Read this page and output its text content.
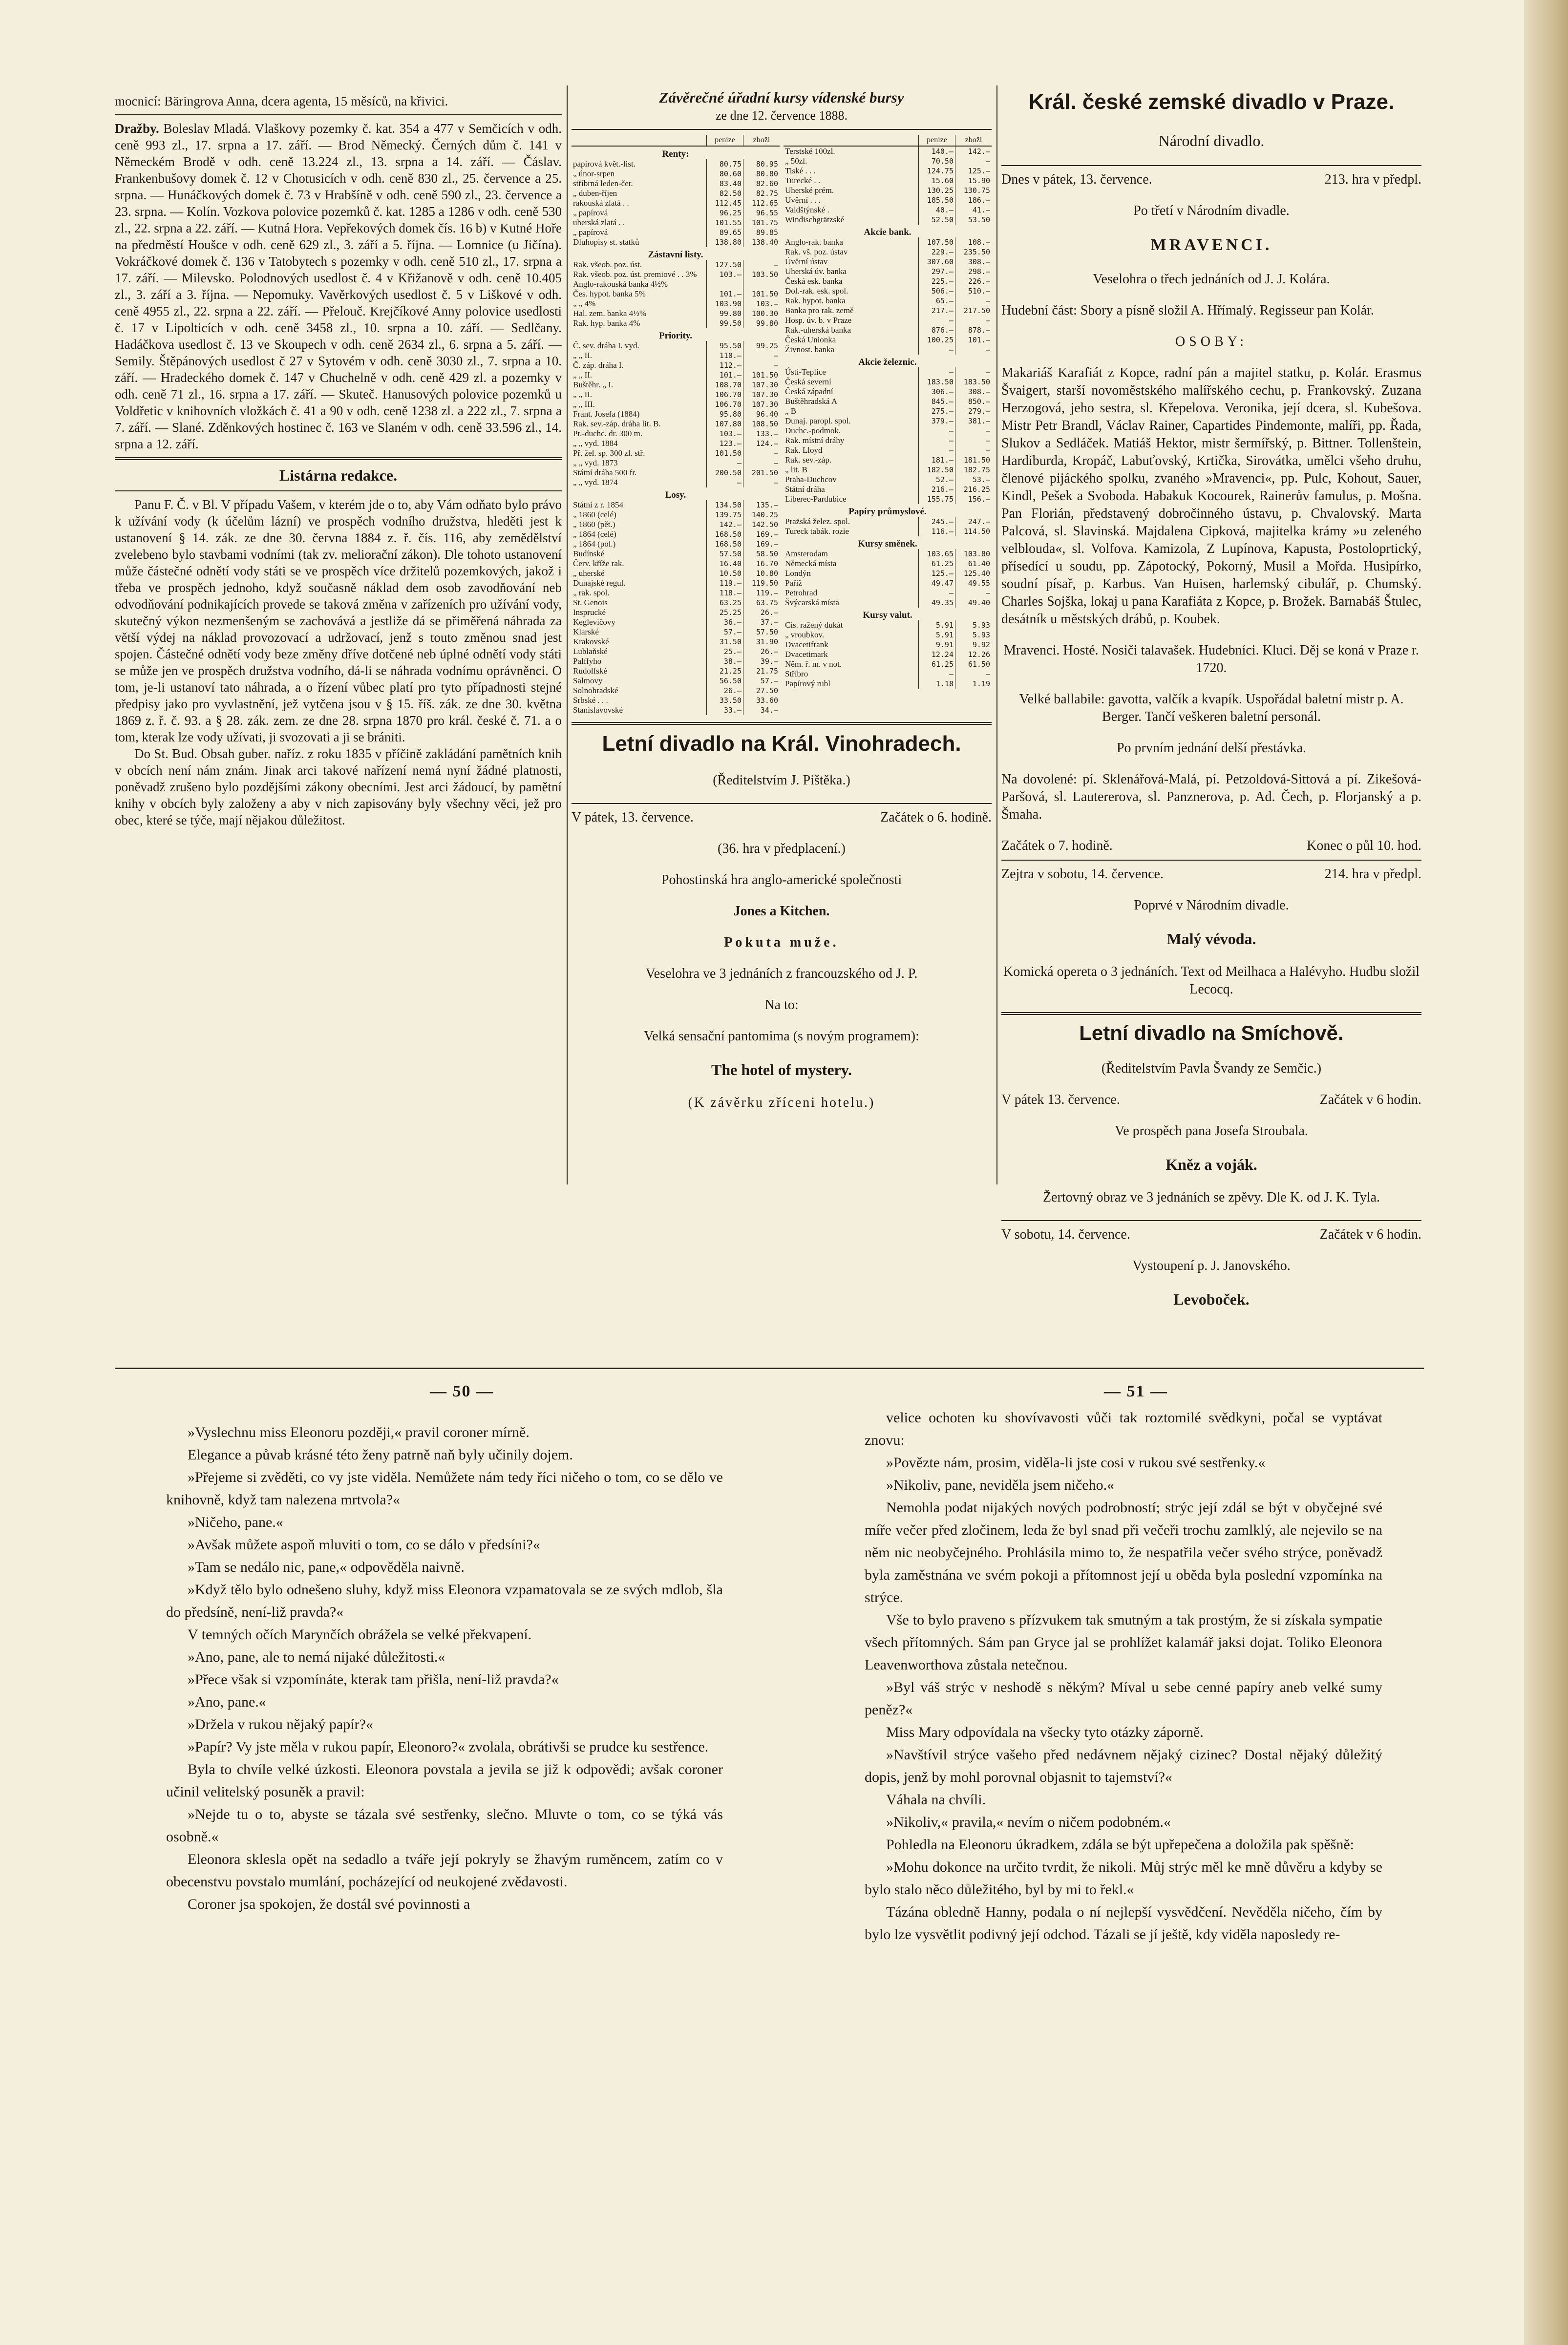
mocnicí: Bäringrova Anna, dcera agenta, 15 měsíců, na křivici.

Dražby. Boleslav Mladá. Vlaškovy pozemky č. kat. 354 a 477 v Semčicích v odh. ceně 993 zl., 17. srpna a 17. září. — Brod Německý. Černých dům č. 141 v Německém Brodě v odh. ceně 13.224 zl., 13. srpna a 14. září. — Čáslav. Frankenbušovy domek č. 12 v Chotusicích v odh. ceně 830 zl., 25. července a 25. srpna. — Hunáčkových domek č. 73 v Hrabšíně v odh. ceně 590 zl., 23. července a 23. srpna. — Kolín. Vozkova polovice pozemků č. kat. 1285 a 1286 v odh. ceně 530 zl., 22. srpna a 22. září. — Kutná Hora. Vepřekových domek čís. 16 b) v Kutné Hoře na předměstí Houšce v odh. ceně 629 zl., 3. září a 5. října. — Lomnice (u Jičína). Vokráčkové domek č. 136 v Tatobytech s pozemky v odh. ceně 510 zl., 17. srpna a 17. září. — Milevsko. Polodnových usedlost č. 4 v Křižanově v odh. ceně 10.405 zl., 3. září a 3. října. — Nepomuky. Vavěrkových usedlost č. 5 v Liškové v odh. ceně 4955 zl., 22. srpna a 22. září. — Přelouč. Krejčíkové Anny polovice usedlosti č. 17 v Lipolticích v odh. ceně 3458 zl., 10. srpna a 10. září. — Sedlčany. Hadáčkova usedlost č. 13 ve Skoupech v odh. ceně 2634 zl., 6. srpna a 5. září. — Semily. Štěpánových usedlost č 27 v Sytovém v odh. ceně 3030 zl., 7. srpna a 10. září. — Hradeckého domek č. 147 v Chuchelně v odh. ceně 429 zl. a pozemky v odh. ceně 71 zl., 16. srpna a 17. září. — Skuteč. Hanusových polovice pozemků u Voldřetic v knihovních vložkách č. 41 a 90 v odh. ceně 1238 zl. a 222 zl., 7. srpna a 7. září. — Slané. Zděnkových hostinec č. 163 ve Slaném v odh. ceně 33.596 zl., 14. srpna a 12. září.

Listárna redakce.

Panu F. Č. v Bl. V případu Vašem, v kterém jde o to, aby Vám odňato bylo právo k užívání vody (k účelům lázní) ve prospěch vodního družstva, hleděti jest k ustanovení § 14. zák. ze dne 30. června 1884 z. ř. čís. 116, aby zemědělství zvelebeno bylo stavbami vodními (tak zv. meliorační zákon). Dle tohoto ustanovení může částečné odnětí vody státi se ve prospěch více držitelů pozemkových, jakož i třeba ve prospěch jednoho, když současně náklad dem osob zavodňování neb odvodňování podnikajících provede se taková změna v zařízeních pro užívání vody, skutečný výkon nezmenšeným se zachovává a jestliže dá se přiměřená náhrada za větší výdej na náklad provozovací a udržovací, jenž s touto změnou snad jest spojen. Částečné odnětí vody beze změny dříve dotčené neb úplné odnětí vody státi se může jen ve prospěch družstva vodního, dá-li se náhrada vodnímu oprávněnci. O tom, je-li ustanoví tato náhrada, a o řízení vůbec platí pro tyto případnosti stejné předpisy jako pro vyvlastnění, jež vytčena jsou v § 15. říš. zák. ze dne 30. května 1869 z. ř. č. 93. a § 28. zák. zem. ze dne 28. srpna 1870 pro král. české č. 71. a o tom, kterak lze vody užívati, ji svozovati a ji se brániti.

Do St. Bud. Obsah guber. naříz. z roku 1835 v příčině zakládání pamětních knih v obcích není nám znám. Jinak arci takové nařízení nemá nyní žádné platnosti, poněvadž zrušeno bylo pozdějšími zákony obecními. Jest arci žádoucí, by pamětní knihy v obcích byly založeny a aby v nich zapisovány byly všechny věci, jež pro obec, které se týče, mají nějakou důležitost.

Závěrečné úřadní kursy vídenské bursy

ze dne 12. července 1888.

	peníze	zboží
Renty:		
papírová květ.-list.	80.75	80.95
„ únor-srpen	80.60	80.80
stříbrná leden-čer.	83.40	82.60
„ duben-říjen	82.50	82.75
rakouská zlatá . .	112.45	112.65
„ papírová	96.25	96.55
uherská zlatá . .	101.55	101.75
„ papírová	89.65	89.85
Dluhopisy st. statků	138.80	138.40
Zástavní listy.		
Rak. všeob. poz. úst.	127.50	—
Rak. všeob. poz. úst. premiové . . 3%	103.—	103.50
Anglo-rakouská banka 4½%		
Čes. hypot. banka 5%	101.—	101.50
„ „ 4%	103.90	103.—
Hal. zem. banka 4½%	99.80	100.30
Rak. hyp. banka 4%	99.50	99.80
Priority.		
Č. sev. dráha I. vyd.	95.50	99.25
„ „ II.	110.—	—
Č. záp. dráha I.	112.—	—
„ „ II.	101.—	101.50
Buštěhr. „ I.	108.70	107.30
„ „ II.	106.70	107.30
„ „ III.	106.70	107.30
Frant. Josefa (1884)	95.80	96.40
Rak. sev.-záp. dráha lit. B.	107.80	108.50
Pr.-duchc. dr. 300 m.	103.—	133.—
„ „ vyd. 1884	123.—	124.—
Př. žel. sp. 300 zl. stř.	101.50	—
„ „ vyd. 1873	—	—
Státní dráha 500 fr.	200.50	201.50
„ „ vyd. 1874	—	—
Losy.		
Státní z r. 1854	134.50	135.—
„ 1860 (celé)	139.75	140.25
„ 1860 (pět.)	142.—	142.50
„ 1864 (celé)	168.50	169.—
„ 1864 (pol.)	168.50	169.—
Budínské	57.50	58.50
Červ. kříže rak.	16.40	16.70
„ uherské	10.50	10.80
Dunajské regul.	119.—	119.50
„ rak. spol.	118.—	119.—
St. Genois	63.25	63.75
Insprucké	25.25	26.—
Keglevičovy	36.—	37.—
Klarské	57.—	57.50
Krakovské	31.50	31.90
Lublaňské	25.—	26.—
Palffyho	38.—	39.—
Rudolfské	21.25	21.75
Salmovy	56.50	57.—
Solnohradské	26.—	27.50
Srbské . . .	33.50	33.60
Stanislavovské	33.—	34.—
	peníze	zboží
Terstské 100zl.	140.—	142.—
„ 50zl.	70.50	—
Tiské . . .	124.75	125.—
Turecké . .	15.60	15.90
Uherské prém.	130.25	130.75
Uvěrní . . .	185.50	186.—
Valdštýnské .	40.—	41.—
Windischgrätzské	52.50	53.50
Akcie bank.		
Anglo-rak. banka	107.50	108.—
Rak. vš. poz. ústav	229.—	235.50
Úvěrní ústav	307.60	308.—
Uherská úv. banka	297.—	298.—
Česká esk. banka	225.—	226.—
Dol.-rak. esk. spol.	506.—	510.—
Rak. hypot. banka	65.—	—
Banka pro rak. země	217.—	217.50
Hosp. úv. b. v Praze	—	—
Rak.-uherská banka	876.—	878.—
Česká Unionka	100.25	101.—
Živnost. banka	—	—
Akcie železnic.		
Ústí-Teplice	—	—
Česká severní	183.50	183.50
Česká západní	306.—	308.—
Buštěhradská A	845.—	850.—
„ B	275.—	279.—
Dunaj. paropl. spol.	379.—	381.—
Duchc.-podmok.	—	—
Rak. místní dráhy	—	—
Rak. Lloyd	—	—
Rak. sev.-záp.	181.—	181.50
„ lit. B	182.50	182.75
Praha-Duchcov	52.—	53.—
Státní dráha	216.—	216.25
Liberec-Pardubice	155.75	156.—
Papíry průmyslové.		
Pražská želez. spol.	245.—	247.—
Tureck tabák. rozie	116.—	114.50
Kursy směnek.		
Amsterodam	103.65	103.80
Německá místa	61.25	61.40
Londýn	125.—	125.40
Paříž	49.47	49.55
Petrohrad	—	—
Švýcarská místa	49.35	49.40
Kursy valut.		
Cís. ražený dukát	5.91	5.93
„ vroubkov.	5.91	5.93
Dvacetifrank	9.91	9.92
Dvacetimark	12.24	12.26
Něm. ř. m. v not.	61.25	61.50
Stříbro	—	—
Papírový rubl	1.18	1.19

Letní divadlo na Král. Vinohradech.

(Ředitelstvím J. Pištěka.)

V pátek, 13. července.	Začátek o 6. hodině.

(36. hra v předplacení.)

Pohostinská hra anglo-americké společnosti

Jones a Kitchen.

Pokuta muže.

Veselohra ve 3 jednáních z francouzského od J. P.

Na to:

Velká sensační pantomima (s novým programem):

The hotel of mystery.

(K závěrku zříceni hotelu.)

Král. české zemské divadlo v Praze.

Národní divadlo.

Dnes v pátek, 13. července.	213. hra v předpl.

Po třetí v Národním divadle.

MRAVENCI.

Veselohra o třech jednáních od J. J. Kolára.

Hudební část: Sbory a písně složil A. Hřímalý. Regisseur pan Kolár.

OSOBY:

Makariáš Karafiát z Kopce, radní pán a majitel statku, p. Kolár. Erasmus Švaigert, starší novoměstského malířského cechu, p. Frankovský. Zuzana Herzogová, jeho sestra, sl. Křepelova. Veronika, její dcera, sl. Kubešova. Mistr Petr Brandl, Václav Rainer, Capartides Pindemonte, malíři, pp. Řada, Slukov a Sedláček. Matiáš Hektor, mistr šermířský, p. Bittner. Tollenštein, Hardiburda, Kropáč, Labuťovský, Krtička, Sirovátka, umělci všeho druhu, členové pijáckého spolku, zvaného »Mravenci«, pp. Pulc, Kohout, Sauer, Kindl, Pešek a Svoboda. Habakuk Kocourek, Rainerův famulus, p. Mošna. Pan Florián, představený dobročinného ústavu, p. Chvalovský. Marta Palcová, sl. Slavinská. Majdalena Cipková, majitelka krámy »u zeleného velblouda«, sl. Volfova. Kamizola, Z Lupínova, Kapusta, Postoloprtický, přísedící u soudu, pp. Zápotocký, Pokorný, Musil a Mořda. Husipírko, soudní písař, p. Karbus. Van Huisen, harlemský cibulář, p. Chumský. Charles Sojška, lokaj u pana Karafiáta z Kopce, p. Brožek. Barnabáš Štulec, desátník u městských drábů, p. Koubek.

Mravenci. Hosté. Nosiči talavašek. Hudebníci. Kluci. Děj se koná v Praze r. 1720.

Velké ballabile: gavotta, valčík a kvapík. Uspořádal baletní mistr p. A. Berger. Tančí veškeren baletní personál.

Po prvním jednání delší přestávka.

Na dovolené: pí. Sklenářová-Malá, pí. Petzoldová-Sittová a pí. Zikešová-Paršová, sl. Lautererova, sl. Panznerova, p. Ad. Čech, p. Florjanský a p. Šmaha.

Začátek o 7. hodině.	Konec o půl 10. hod.
Zejtra v sobotu, 14. července.	214. hra v předpl.

Poprvé v Národním divadle.

Malý vévoda.

Komická opereta o 3 jednáních. Text od Meilhaca a Halévyho. Hudbu složil Lecocq.

Letní divadlo na Smíchově.

(Ředitelstvím Pavla Švandy ze Semčic.)

V pátek 13. července.	Začátek v 6 hodin.

Ve prospěch pana Josefa Stroubala.

Kněz a voják.

Žertovný obraz ve 3 jednáních se zpěvy. Dle K. od J. K. Tyla.

V sobotu, 14. července.	Začátek v 6 hodin.

Vystoupení p. J. Janovského.

Levoboček.

— 50 —	— 51 —

»Vyslechnu miss Eleonoru později,« pravil coroner mírně.

Elegance a půvab krásné této ženy patrně naň byly učinily dojem.

»Přejeme si zvěděti, co vy jste viděla. Nemůžete nám tedy říci ničeho o tom, co se dělo ve knihovně, když tam nalezena mrtvola?«

»Ničeho, pane.«

»Avšak můžete aspoň mluviti o tom, co se dálo v předsíni?«

»Tam se nedálo nic, pane,« odpověděla naivně.

»Když tělo bylo odnešeno sluhy, když miss Eleonora vzpamatovala se ze svých mdlob, šla do předsíně, není-liž pravda?«

V temných očích Marynčích obrážela se velké překvapení.

»Ano, pane, ale to nemá nijaké důležitosti.«

»Přece však si vzpomínáte, kterak tam přišla, není-liž pravda?«

»Ano, pane.«

»Držela v rukou nějaký papír?«

»Papír? Vy jste měla v rukou papír, Eleonoro?« zvolala, obrátivši se prudce ku sestřence.

Byla to chvíle velké úzkosti. Eleonora povstala a jevila se již k odpovědi; avšak coroner učinil velitelský posuněk a pravil:

»Nejde tu o to, abyste se tázala své sestřenky, slečno. Mluvte o tom, co se týká vás osobně.«

Eleonora sklesla opět na sedadlo a tváře její pokryly se žhavým ruměncem, zatím co v obecenstvu povstalo mumlání, pocházející od neukojené zvědavosti.

Coroner jsa spokojen, že dostál své povinnosti a

velice ochoten ku shovívavosti vůči tak roztomilé svědkyni, počal se vyptávat znovu:

»Povězte nám, prosim, viděla-li jste cosi v rukou své sestřenky.«

»Nikoliv, pane, neviděla jsem ničeho.«

Nemohla podat nijakých nových podrobností; strýc její zdál se být v obyčejné své míře večer před zločinem, leda že byl snad při večeři trochu zamlklý, ale nejevilo se na něm nic neobyčejného. Prohlásila mimo to, že nespatřila večer svého strýce, poněvadž byla zaměstnána ve svém pokoji a přítomnost její u oběda byla poslední vzpomínka na strýce.

Vše to bylo praveno s přízvukem tak smutným a tak prostým, že si získala sympatie všech přítomných. Sám pan Gryce jal se prohlížet kalamář jaksi dojat. Toliko Eleonora Leavenworthova zůstala netečnou.

»Byl váš strýc v neshodě s někým? Míval u sebe cenné papíry aneb velké sumy peněz?«

Miss Mary odpovídala na všecky tyto otázky záporně.

»Navštívil strýce vašeho před nedávnem nějaký cizinec? Dostal nějaký důležitý dopis, jenž by mohl porovnal objasnit to tajemství?«

Váhala na chvíli.

»Nikoliv,« pravila,« nevím o ničem podobném.«

Pohledla na Eleonoru úkradkem, zdála se být upřepečena a doložila pak spěšně:

»Mohu dokonce na určito tvrdit, že nikoli. Můj strýc měl ke mně důvěru a kdyby se bylo stalo něco důležitého, byl by mi to řekl.«

Tázána obledně Hanny, podala o ní nejlepší vysvědčení. Nevěděla ničeho, čím by bylo lze vysvětlit podivný její odchod. Tázali se jí ještě, kdy viděla naposledy re-
